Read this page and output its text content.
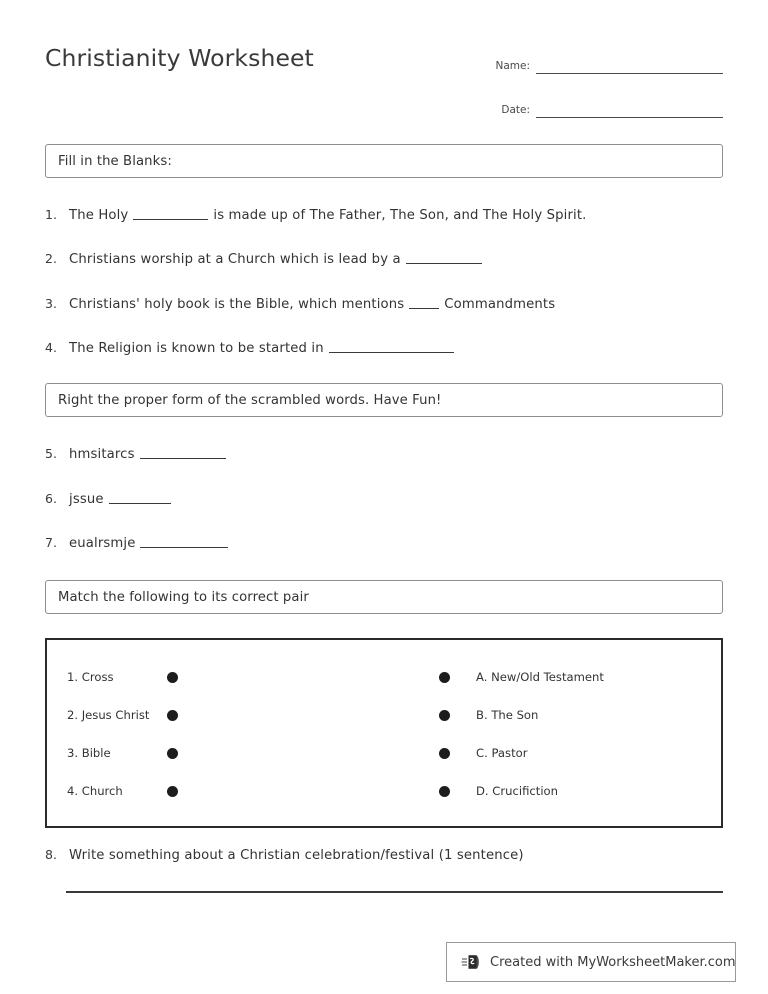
Christianity Worksheet	Name:
Date:
Fill in the Blanks:
1. The Holy	is made up of The Father, The Son, and The Holy Spirit.
2. Christians worship at a Church which is lead by a
3. Christians' holy book is the Bible, which mentions	Commandments
4. The Religion is known to be started in
Right the proper form of the scrambled words. Have Fun!
5. hmsitarcs
6. jssue
7. eualrsmje
Match the following to its correct pair
1. Cross	A. New/Old Testament
2. Jesus Christ	B. The Son
3. Bible	C. Pastor
4. Church	D. Crucifiction
8. Write something about a Christian celebration/festival (1 sentence)
Created with MyWorksheetMaker.com
